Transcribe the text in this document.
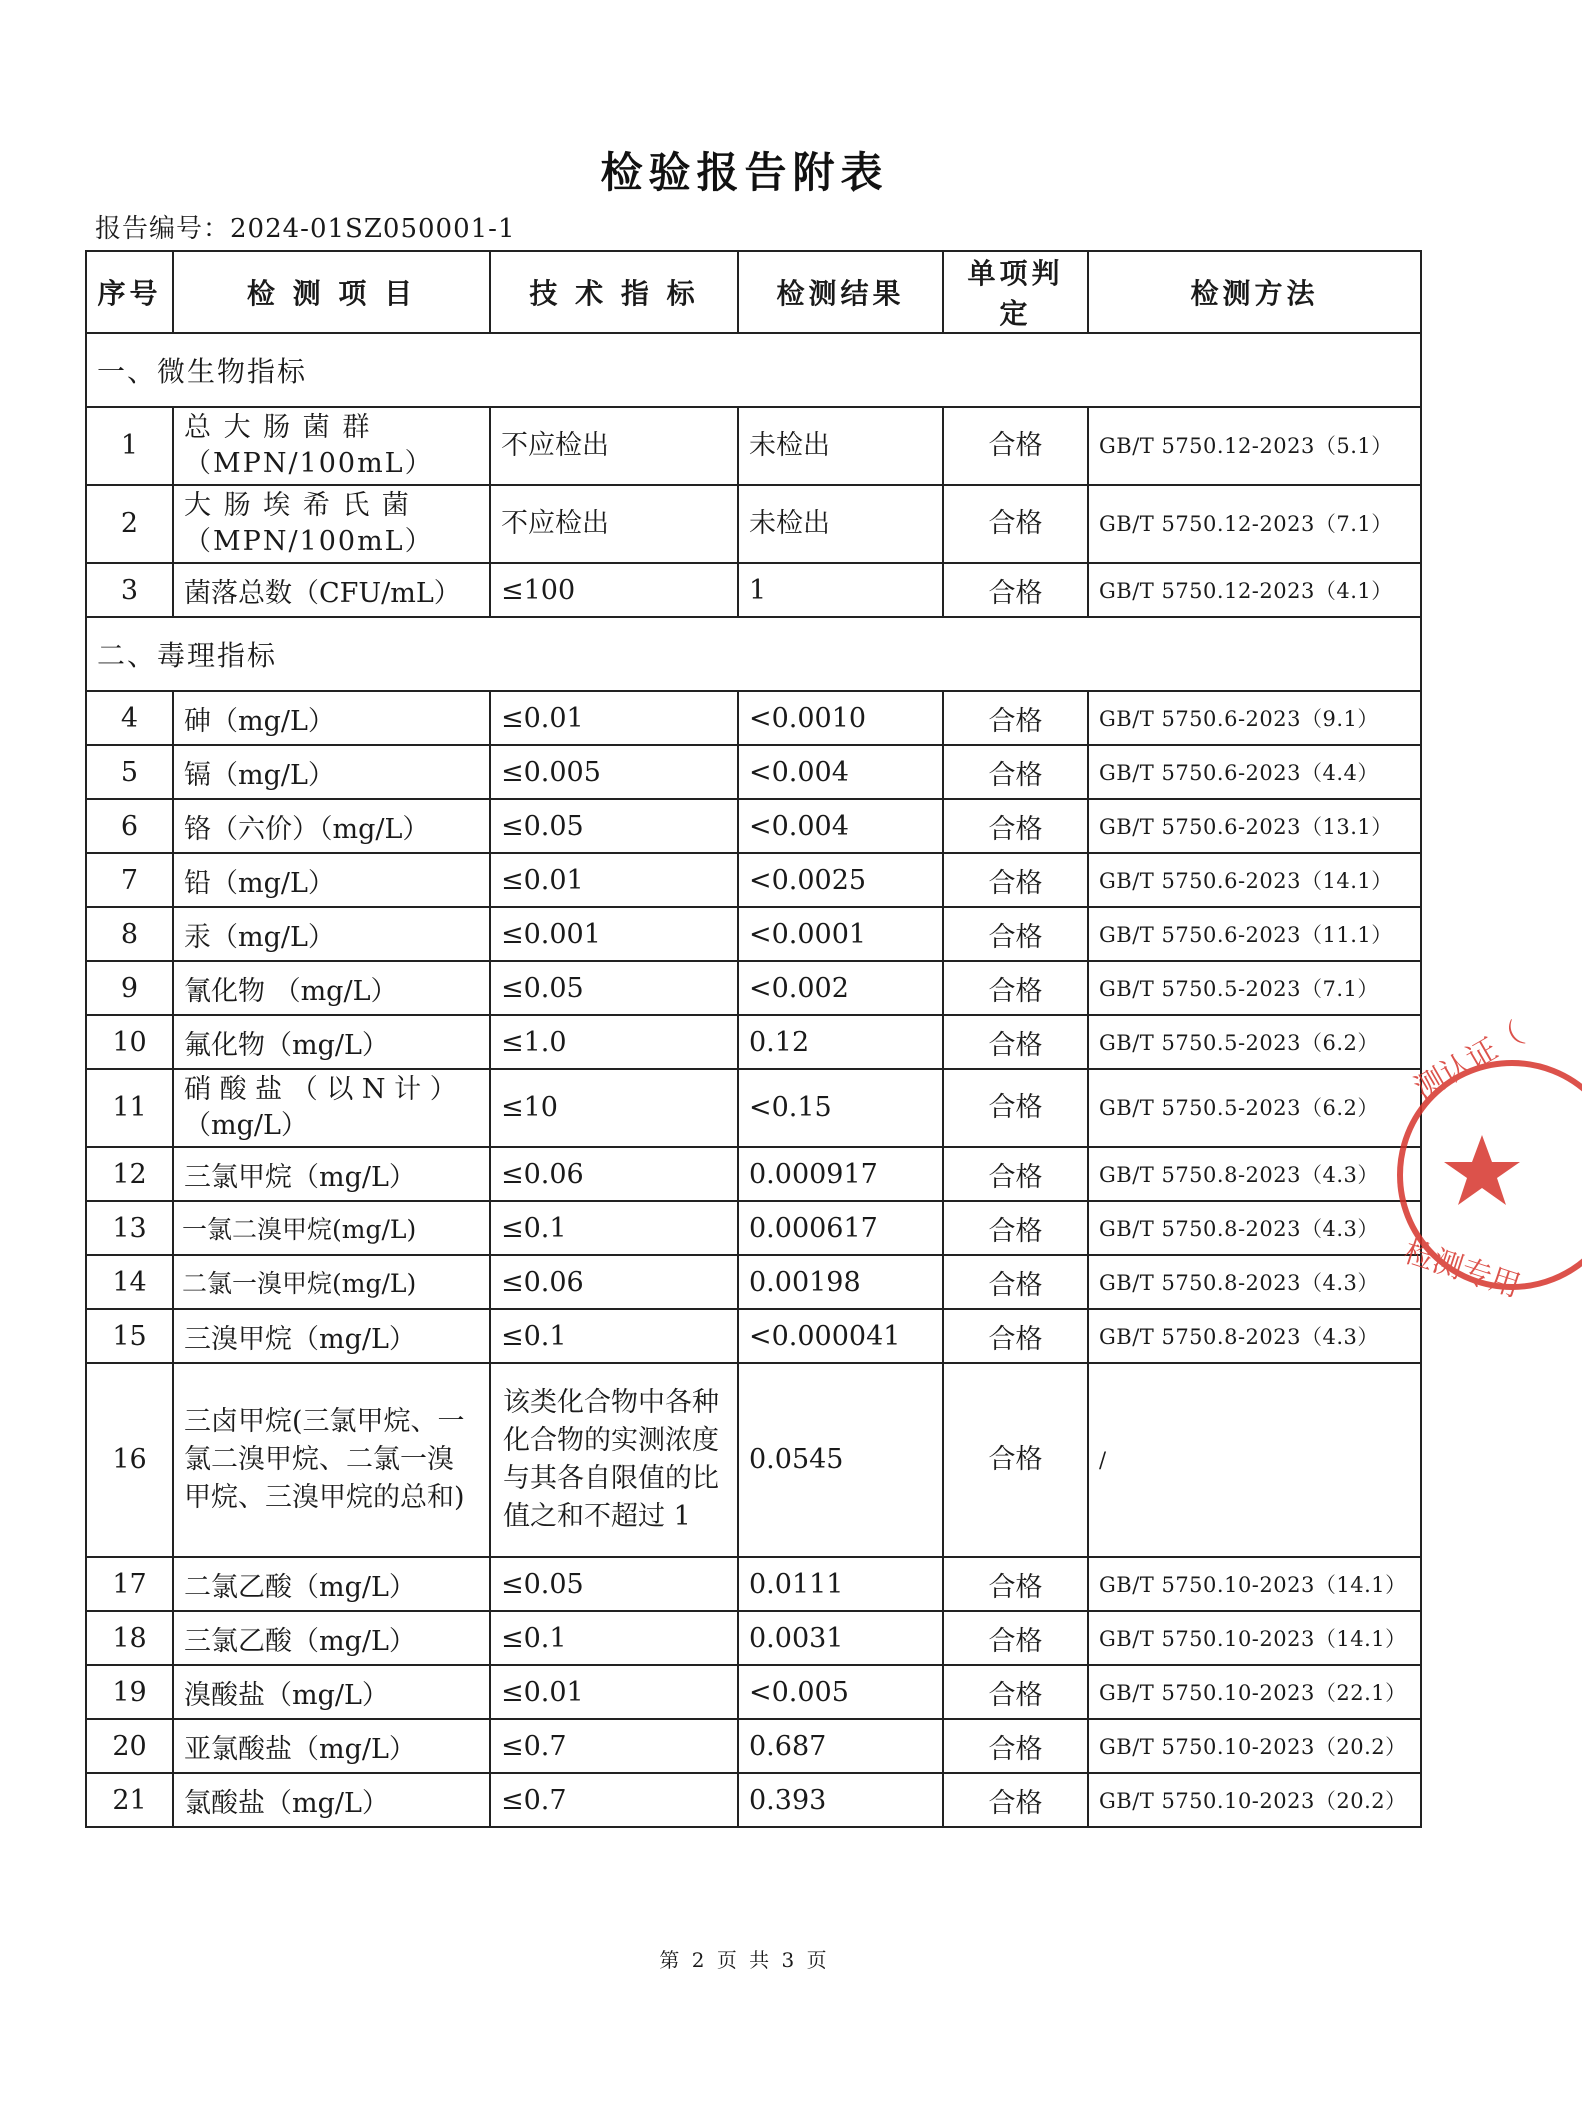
检验报告附表
报告编号：2024-01SZ050001-1
序号	检 测 项 目	技 术 指 标	检测结果	单项判定	检测方法
一、微生物指标					
1	总 大 肠 菌 群（MPN/100mL）	不应检出	未检出	合格	GB/T 5750.12-2023（5.1）
2	大 肠 埃 希 氏 菌（MPN/100mL）	不应检出	未检出	合格	GB/T 5750.12-2023（7.1）
3	菌落总数（CFU/mL）	≤100	1	合格	GB/T 5750.12-2023（4.1）
二、毒理指标					
4	砷（mg/L）	≤0.01	<0.0010	合格	GB/T 5750.6-2023（9.1）
5	镉（mg/L）	≤0.005	<0.004	合格	GB/T 5750.6-2023（4.4）
6	铬（六价）（mg/L）	≤0.05	<0.004	合格	GB/T 5750.6-2023（13.1）
7	铅（mg/L）	≤0.01	<0.0025	合格	GB/T 5750.6-2023（14.1）
8	汞（mg/L）	≤0.001	<0.0001	合格	GB/T 5750.6-2023（11.1）
9	氰化物 （mg/L）	≤0.05	<0.002	合格	GB/T 5750.5-2023（7.1）
10	氟化物（mg/L）	≤1.0	0.12	合格	GB/T 5750.5-2023（6.2）
11	硝 酸 盐 （ 以 N 计 ）（mg/L）	≤10	<0.15	合格	GB/T 5750.5-2023（6.2）
12	三氯甲烷（mg/L）	≤0.06	0.000917	合格	GB/T 5750.8-2023（4.3）
13	一氯二溴甲烷(mg/L)	≤0.1	0.000617	合格	GB/T 5750.8-2023（4.3）
14	二氯一溴甲烷(mg/L)	≤0.06	0.00198	合格	GB/T 5750.8-2023（4.3）
15	三溴甲烷（mg/L）	≤0.1	<0.000041	合格	GB/T 5750.8-2023（4.3）
16	三卤甲烷(三氯甲烷、一氯二溴甲烷、二氯一溴甲烷、三溴甲烷的总和)	该类化合物中各种化合物的实测浓度与其各自限值的比值之和不超过 1	0.0545	合格	/
17	二氯乙酸（mg/L）	≤0.05	0.0111	合格	GB/T 5750.10-2023（14.1）
18	三氯乙酸（mg/L）	≤0.1	0.0031	合格	GB/T 5750.10-2023（14.1）
19	溴酸盐（mg/L）	≤0.01	<0.005	合格	GB/T 5750.10-2023（22.1）
20	亚氯酸盐（mg/L）	≤0.7	0.687	合格	GB/T 5750.10-2023（20.2）
21	氯酸盐（mg/L）	≤0.7	0.393	合格	GB/T 5750.10-2023（20.2）
测认证（
检测专用
第 2 页 共 3 页
